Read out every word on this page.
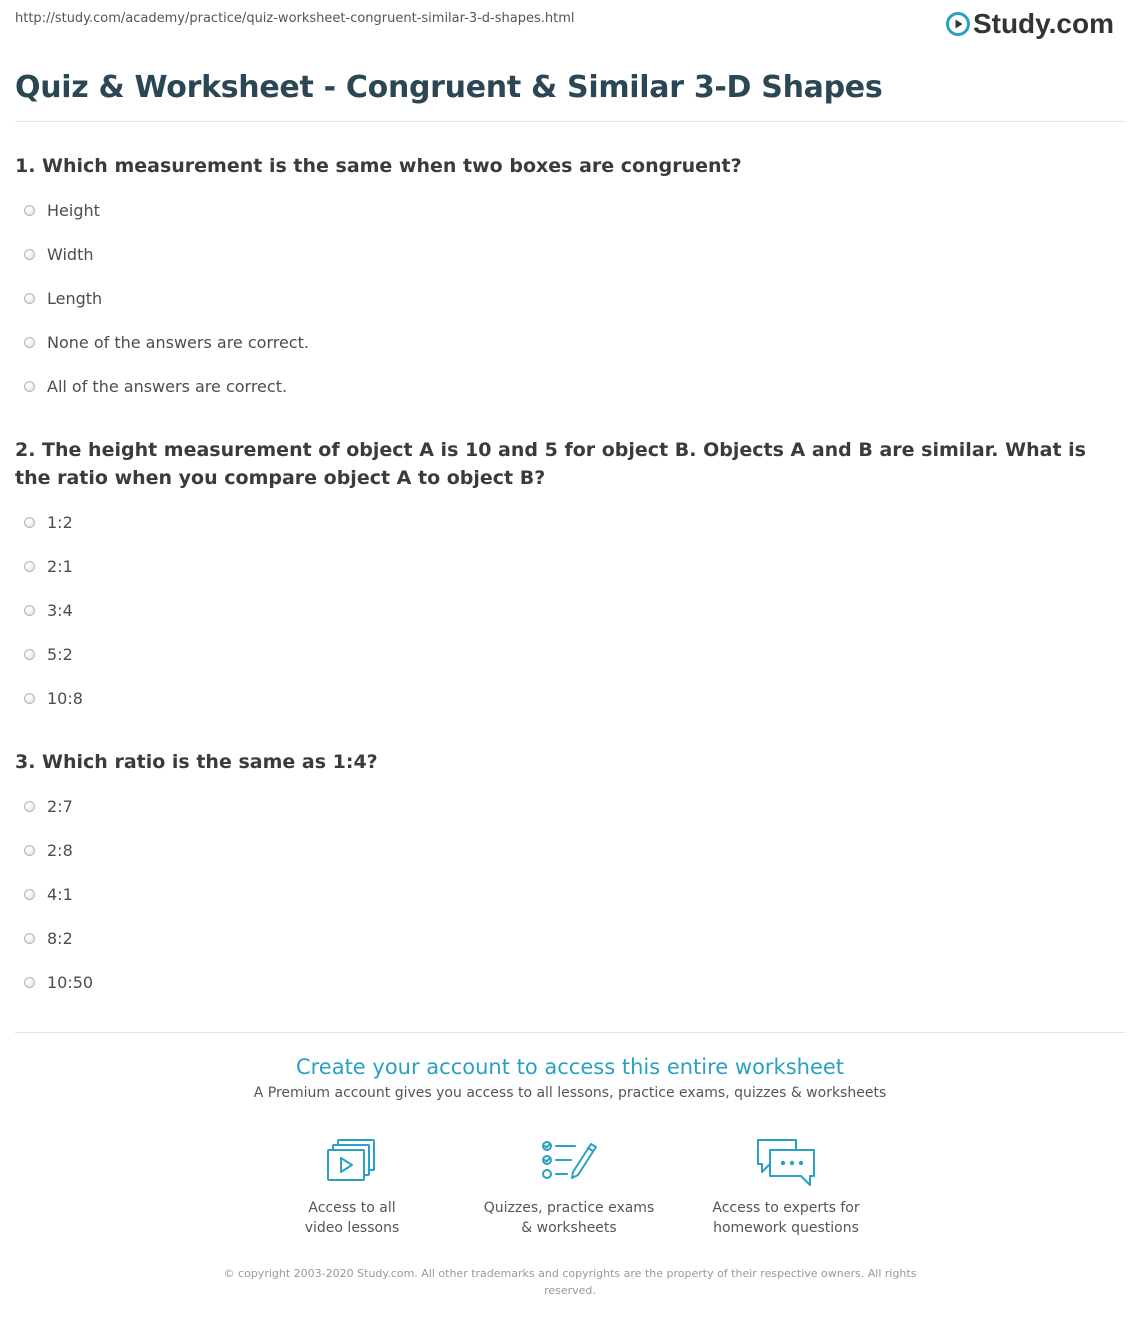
http://study.com/academy/practice/quiz-worksheet-congruent-similar-3-d-shapes.html	Study.com
Quiz & Worksheet - Congruent & Similar 3-D Shapes

1. Which measurement is the same when two boxes are congruent?

Height
Width
Length
None of the answers are correct.
All of the answers are correct.

2. The height measurement of object A is 10 and 5 for object B. Objects A and B are similar. What is the ratio when you compare object A to object B?

1:2
2:1
3:4
5:2
10:8

3. Which ratio is the same as 1:4?

2:7
2:8
4:1
8:2
10:50
Create your account to access this entire worksheet
A Premium account gives you access to all lessons, practice exams, quizzes & worksheets
Access to all
video lessons
Quizzes, practice exams
& worksheets
Access to experts for
homework questions
© copyright 2003-2020 Study.com. All other trademarks and copyrights are the property of their respective owners. All rights
reserved.
